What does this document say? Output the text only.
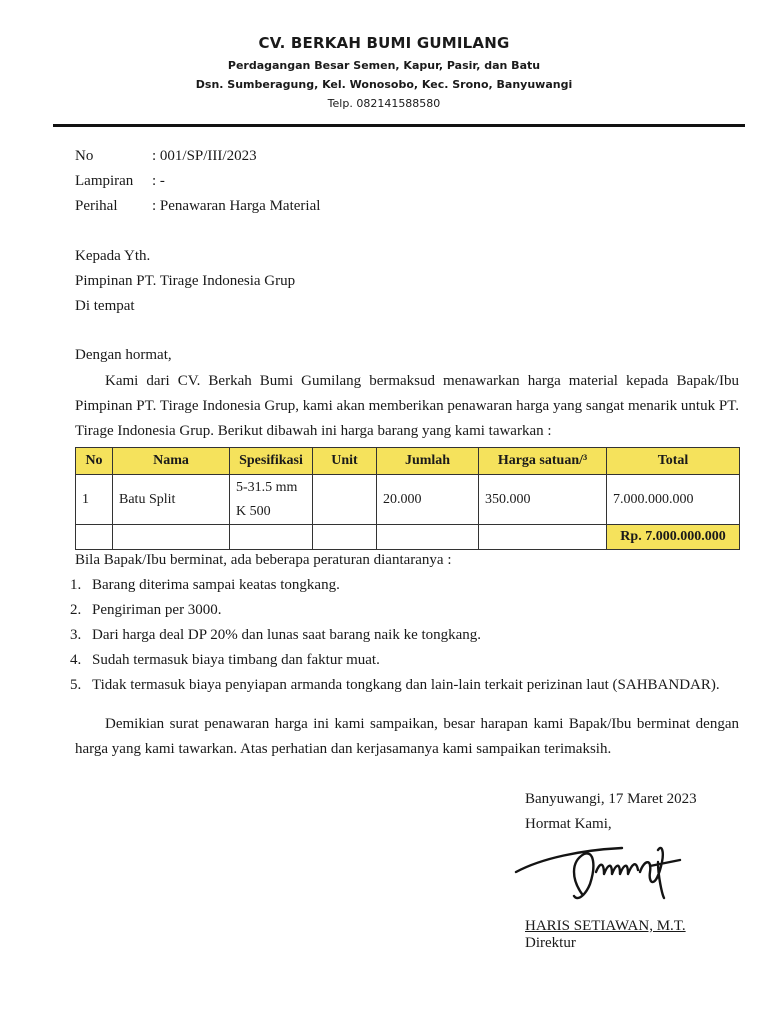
CV. BERKAH BUMI GUMILANG
Perdagangan Besar Semen, Kapur, Pasir, dan Batu
Dsn. Sumberagung, Kel. Wonosobo, Kec. Srono, Banyuwangi
Telp. 082141588580
No	: 001/SP/III/2023
Lampiran : -
Perihal : Penawaran Harga Material
Kepada Yth.
Pimpinan PT. Tirage Indonesia Grup
Di tempat
Dengan hormat,
Kami dari CV. Berkah Bumi Gumilang bermaksud menawarkan harga material kepada Bapak/Ibu Pimpinan PT. Tirage Indonesia Grup, kami akan memberikan penawaran harga yang sangat menarik untuk PT. Tirage Indonesia Grup. Berikut dibawah ini harga barang yang kami tawarkan :
No	Nama	Spesifikasi	Unit	Jumlah	Harga satuan/³	Total
1	Batu Split	5-31.5 mm
K 500		20.000	350.000	7.000.000.000
						Rp. 7.000.000.000
Bila Bapak/Ibu berminat, ada beberapa peraturan diantaranya :
1. Barang diterima sampai keatas tongkang.
2. Pengiriman per 3000.
3. Dari harga deal DP 20% dan lunas saat barang naik ke tongkang.
4. Sudah termasuk biaya timbang dan faktur muat.
5. Tidak termasuk biaya penyiapan armanda tongkang dan lain-lain terkait perizinan laut (SAHBANDAR).
Demikian surat penawaran harga ini kami sampaikan, besar harapan kami Bapak/Ibu berminat dengan harga yang kami tawarkan. Atas perhatian dan kerjasamanya kami sampaikan terimaksih.
Banyuwangi, 17 Maret 2023
Hormat Kami,
HARIS SETIAWAN, M.T.
Direktur
